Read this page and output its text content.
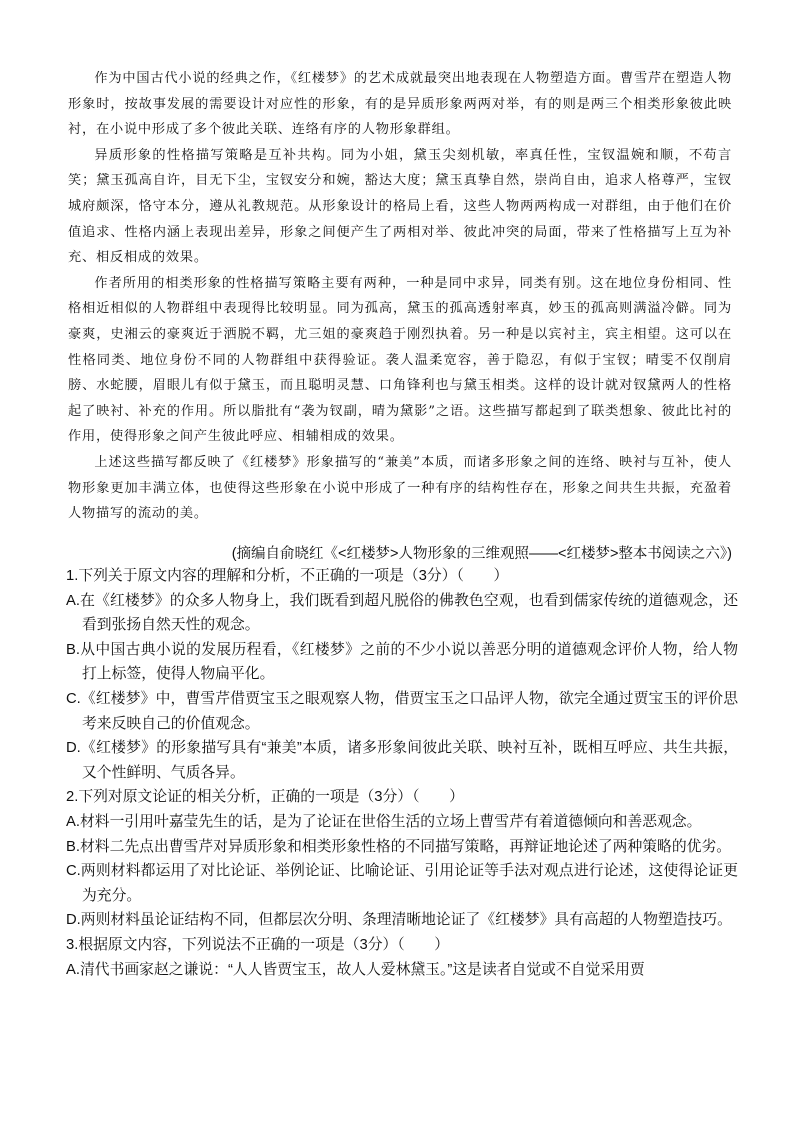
作为中国古代小说的经典之作，《红楼梦》的艺术成就最突出地表现在人物塑造方面。曹雪芹在塑造人物形象时，按故事发展的需要设计对应性的形象，有的是异质形象两两对举，有的则是两三个相类形象彼此映衬，在小说中形成了多个彼此关联、连络有序的人物形象群组。

异质形象的性格描写策略是互补共构。同为小姐，黛玉尖刻机敏，率真任性，宝钗温婉和顺，不苟言笑；黛玉孤高自许，目无下尘，宝钗安分和婉，豁达大度；黛玉真挚自然，崇尚自由，追求人格尊严，宝钗城府颇深，恪守本分，遵从礼教规范。从形象设计的格局上看，这些人物两两构成一对群组，由于他们在价值追求、性格内涵上表现出差异，形象之间便产生了两相对举、彼此冲突的局面，带来了性格描写上互为补充、相反相成的效果。

作者所用的相类形象的性格描写策略主要有两种，一种是同中求异，同类有别。这在地位身份相同、性格相近相似的人物群组中表现得比较明显。同为孤高，黛玉的孤高透射率真，妙玉的孤高则满溢冷僻。同为豪爽，史湘云的豪爽近于洒脱不羁，尤三姐的豪爽趋于刚烈执着。另一种是以宾衬主，宾主相望。这可以在性格同类、地位身份不同的人物群组中获得验证。袭人温柔宽容，善于隐忍，有似于宝钗；晴雯不仅削肩膀、水蛇腰，眉眼儿有似于黛玉，而且聪明灵慧、口角锋利也与黛玉相类。这样的设计就对钗黛两人的性格起了映衬、补充的作用。所以脂批有“袭为钗副，晴为黛影”之语。这些描写都起到了联类想象、彼此比衬的作用，使得形象之间产生彼此呼应、相辅相成的效果。

上述这些描写都反映了《红楼梦》形象描写的“兼美”本质，而诸多形象之间的连络、映衬与互补，使人物形象更加丰满立体，也使得这些形象在小说中形成了一种有序的结构性存在，形象之间共生共振，充盈着人物描写的流动的美。

(摘编自俞晓红《<红楼梦>人物形象的三维观照——<红楼梦>整本书阅读之六》)

1.下列关于原文内容的理解和分析，不正确的一项是（3分）（　　）

A.在《红楼梦》的众多人物身上，我们既看到超凡脱俗的佛教色空观，也看到儒家传统的道德观念，还看到张扬自然天性的观念。

B.从中国古典小说的发展历程看，《红楼梦》之前的不少小说以善恶分明的道德观念评价人物，给人物打上标签，使得人物扁平化。

C.《红楼梦》中，曹雪芹借贾宝玉之眼观察人物，借贾宝玉之口品评人物，欲完全通过贾宝玉的评价思考来反映自己的价值观念。

D.《红楼梦》的形象描写具有“兼美”本质，诸多形象间彼此关联、映衬互补，既相互呼应、共生共振，又个性鲜明、气质各异。

2.下列对原文论证的相关分析，正确的一项是（3分）（　　）

A.材料一引用叶嘉莹先生的话，是为了论证在世俗生活的立场上曹雪芹有着道德倾向和善恶观念。

B.材料二先点出曹雪芹对异质形象和相类形象性格的不同描写策略，再辩证地论述了两种策略的优劣。

C.两则材料都运用了对比论证、举例论证、比喻论证、引用论证等手法对观点进行论述，这使得论证更为充分。

D.两则材料虽论证结构不同，但都层次分明、条理清晰地论证了《红楼梦》具有高超的人物塑造技巧。

3.根据原文内容，下列说法不正确的一项是（3分）（　　）

A.清代书画家赵之谦说：“人人皆贾宝玉，故人人爱林黛玉。”这是读者自觉或不自觉采用贾
